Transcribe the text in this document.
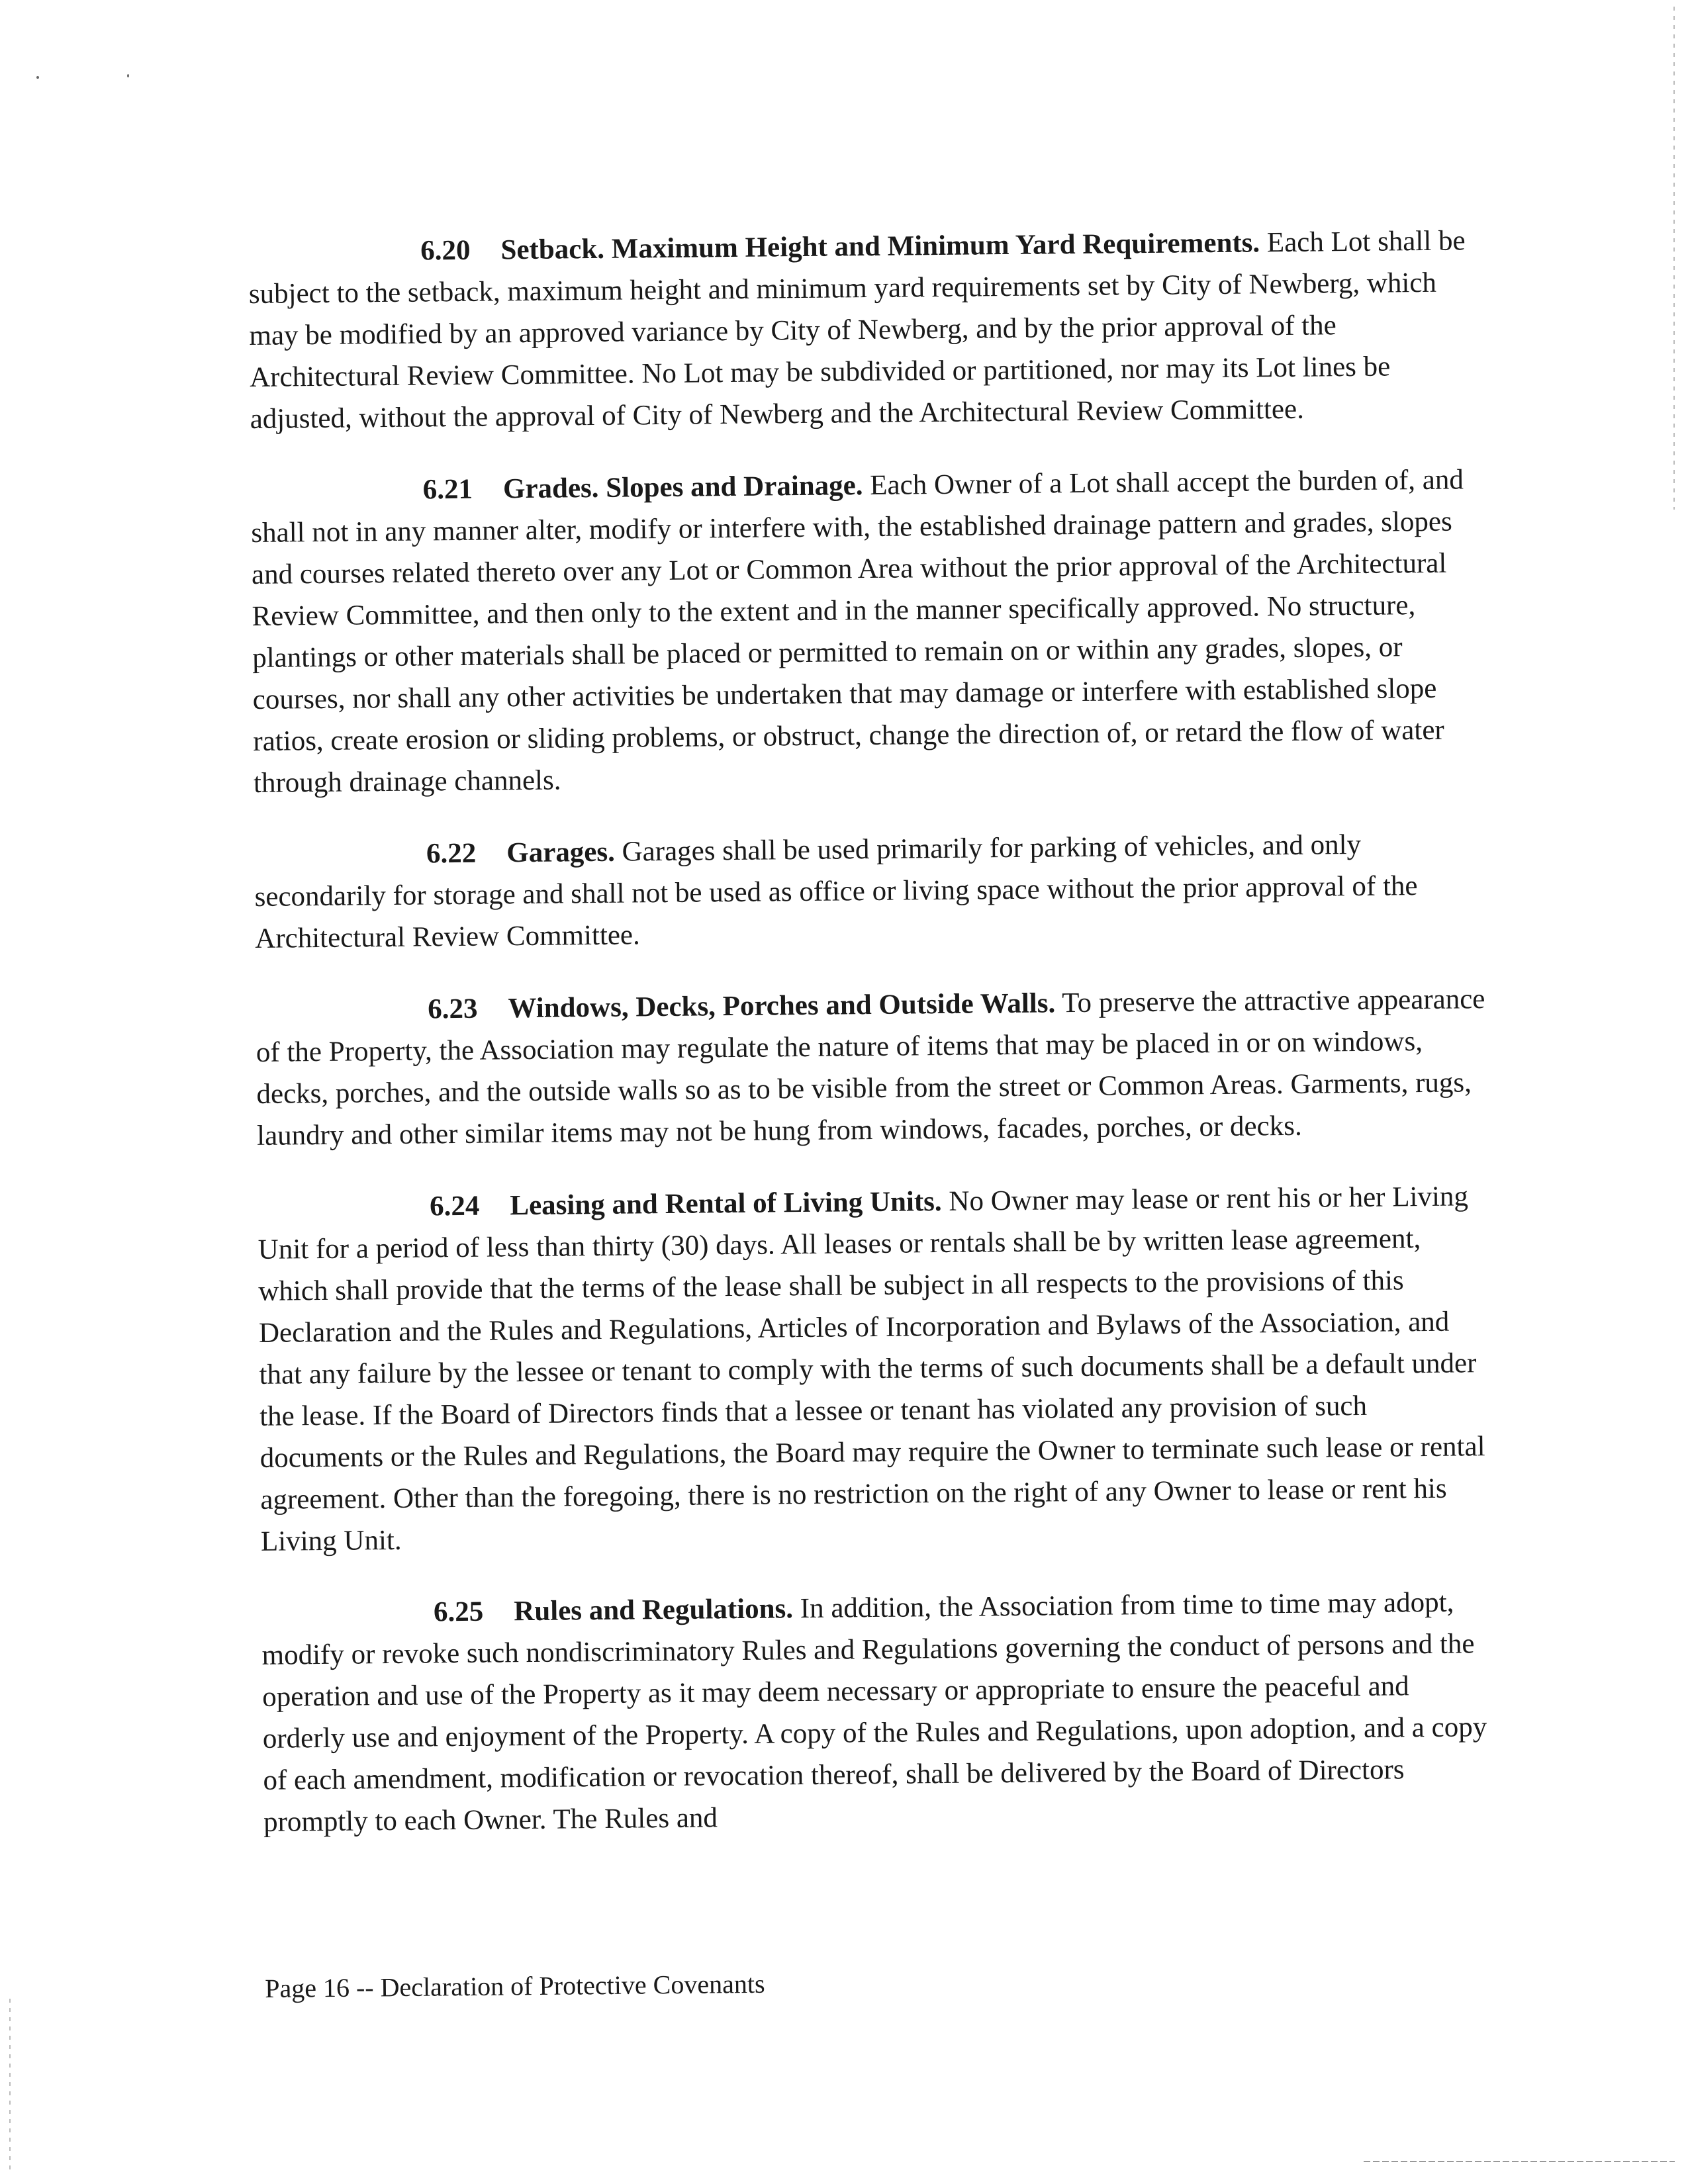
6.20 Setback. Maximum Height and Minimum Yard Requirements. Each Lot shall be subject to the setback, maximum height and minimum yard requirements set by City of Newberg, which may be modified by an approved variance by City of Newberg, and by the prior approval of the Architectural Review Committee. No Lot may be subdivided or partitioned, nor may its Lot lines be adjusted, without the approval of City of Newberg and the Architectural Review Committee.

6.21 Grades. Slopes and Drainage. Each Owner of a Lot shall accept the burden of, and shall not in any manner alter, modify or interfere with, the established drainage pattern and grades, slopes and courses related thereto over any Lot or Common Area without the prior approval of the Architectural Review Committee, and then only to the extent and in the manner specifically approved. No structure, plantings or other materials shall be placed or permitted to remain on or within any grades, slopes, or courses, nor shall any other activities be undertaken that may damage or interfere with established slope ratios, create erosion or sliding problems, or obstruct, change the direction of, or retard the flow of water through drainage channels.

6.22 Garages. Garages shall be used primarily for parking of vehicles, and only secondarily for storage and shall not be used as office or living space without the prior approval of the Architectural Review Committee.

6.23 Windows, Decks, Porches and Outside Walls. To preserve the attractive appearance of the Property, the Association may regulate the nature of items that may be placed in or on windows, decks, porches, and the outside walls so as to be visible from the street or Common Areas. Garments, rugs, laundry and other similar items may not be hung from windows, facades, porches, or decks.

6.24 Leasing and Rental of Living Units. No Owner may lease or rent his or her Living Unit for a period of less than thirty (30) days. All leases or rentals shall be by written lease agreement, which shall provide that the terms of the lease shall be subject in all respects to the provisions of this Declaration and the Rules and Regulations, Articles of Incorporation and Bylaws of the Association, and that any failure by the lessee or tenant to comply with the terms of such documents shall be a default under the lease. If the Board of Directors finds that a lessee or tenant has violated any provision of such documents or the Rules and Regulations, the Board may require the Owner to terminate such lease or rental agreement. Other than the foregoing, there is no restriction on the right of any Owner to lease or rent his Living Unit.

6.25 Rules and Regulations. In addition, the Association from time to time may adopt, modify or revoke such nondiscriminatory Rules and Regulations governing the conduct of persons and the operation and use of the Property as it may deem necessary or appropriate to ensure the peaceful and orderly use and enjoyment of the Property. A copy of the Rules and Regulations, upon adoption, and a copy of each amendment, modification or revocation thereof, shall be delivered by the Board of Directors promptly to each Owner. The Rules and

Page 16 -- Declaration of Protective Covenants
